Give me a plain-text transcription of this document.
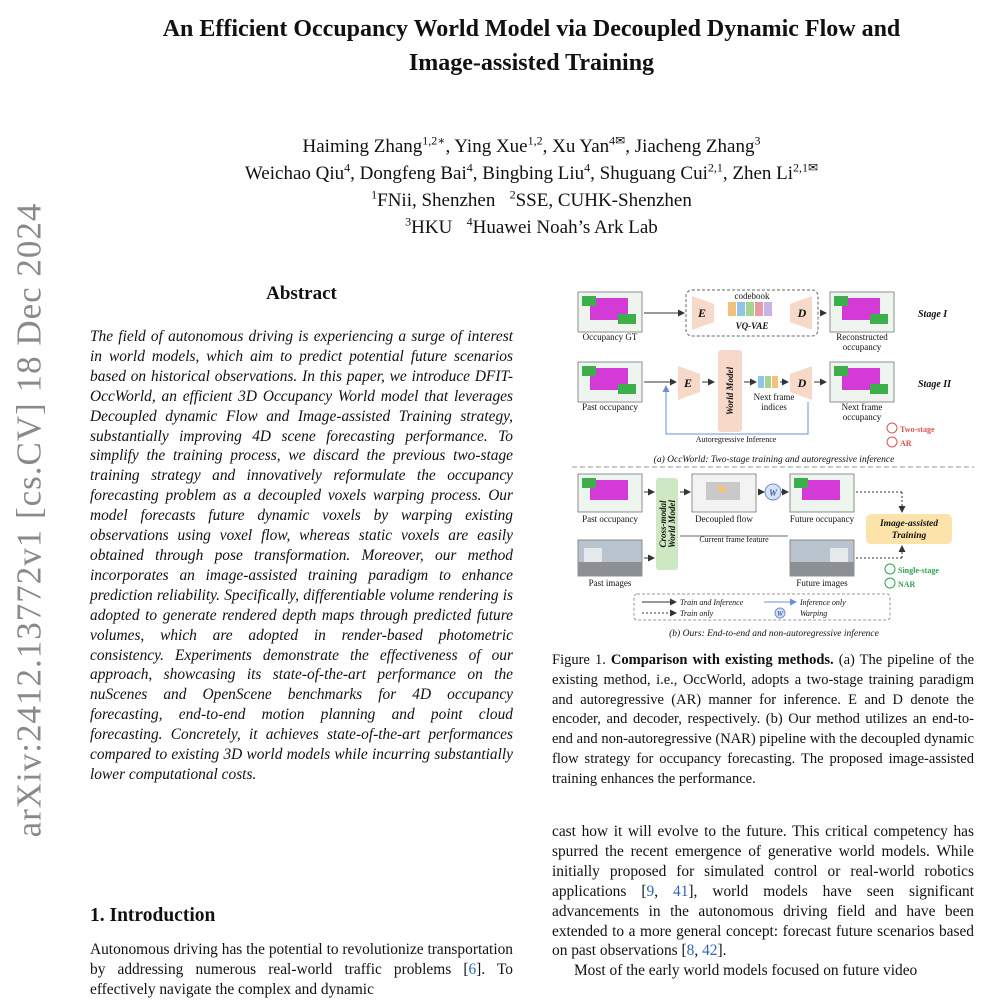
arXiv:2412.13772v1 [cs.CV] 18 Dec 2024
An Efficient Occupancy World Model via Decoupled Dynamic Flow and
Image-assisted Training
Haiming Zhang$^{1,2∗}$, Ying Xue$^{1,2}$, Xu Yan$^{4✉}$, Jiacheng Zhang$^3$
Weichao Qiu$^4$, Dongfeng Bai$^4$, Bingbing Liu$^4$, Shuguang Cui$^{2,1}$, Zhen $Li^{2,1✉}$
$^1$FNii, Shenzhen   $^2$SSE, CUHK-Shenzhen
$^3$HKU   $^4$Huawei Noah’s Ark Lab
Abstract
The field of autonomous driving is experiencing a surge of interest in world models, which aim to predict potential future scenarios based on historical observations. In this paper, we introduce DFIT-OccWorld, an efficient 3D Occupancy World model that leverages Decoupled dynamic Flow and Image-assisted Training strategy, substantially improving 4D scene forecasting performance. To simplify the training process, we discard the previous two-stage training strategy and innovatively reformulate the occupancy forecasting problem as a decoupled voxels warping process. Our model forecasts future dynamic voxels by warping existing observations using voxel flow, whereas static voxels are easily obtained through pose transformation. Moreover, our method incorporates an image-assisted training paradigm to enhance prediction reliability. Specifically, differentiable volume rendering is adopted to generate rendered depth maps through predicted future volumes, which are adopted in render-based photometric consistency. Experiments demonstrate the effectiveness of our approach, showcasing its state-of-the-art performance on the nuScenes and OpenScene benchmarks for 4D occupancy forecasting, end-to-end motion planning and point cloud forecasting. Concretely, it achieves state-of-the-art performances compared to existing 3D world models while incurring substantially lower computational costs.
1. Introduction
Autonomous driving has the potential to revolutionize transportation by addressing numerous real-world traffic problems [6]. To effectively navigate the complex and dynamic
Occupancy GT
codebook
E	D
VQ-VAE
Reconstructed
occupancy
Stage I
Past occupancy
E	World Model Next frame
indices
D
Next frame
occupancy
Stage II
Autoregressive Inference
Two-stage
AR
(a) OccWorld: Two-stage training and autoregressive inference
Past occupancy Cross-modal World Model Decoupled flow
W
Future occupancy	Image-assisted
Training
Current frame feature
Past images	Future images
Single-stage
NAR
Train and Inference
Train only
Inference only
W Warping
(b) Ours: End-to-end and non-autoregressive inference
Figure 1. Comparison with existing methods. (a) The pipeline of the existing method, i.e., OccWorld, adopts a two-stage training paradigm and autoregressive (AR) manner for inference. E and D denote the encoder, and decoder, respectively. (b) Our method utilizes an end-to-end and non-autoregressive (NAR) pipeline with the decoupled dynamic flow strategy for occupancy forecasting. The proposed image-assisted training enhances the performance.

cast how it will evolve to the future. This critical competency has spurred the recent emergence of generative world models. While initially proposed for simulated control or real-world robotics applications [9, 41], world models have seen significant advancements in the autonomous driving field and have been extended to a more general concept: forecast future scenarios based on past observations [8, 42].

Most of the early world models focused on future video
